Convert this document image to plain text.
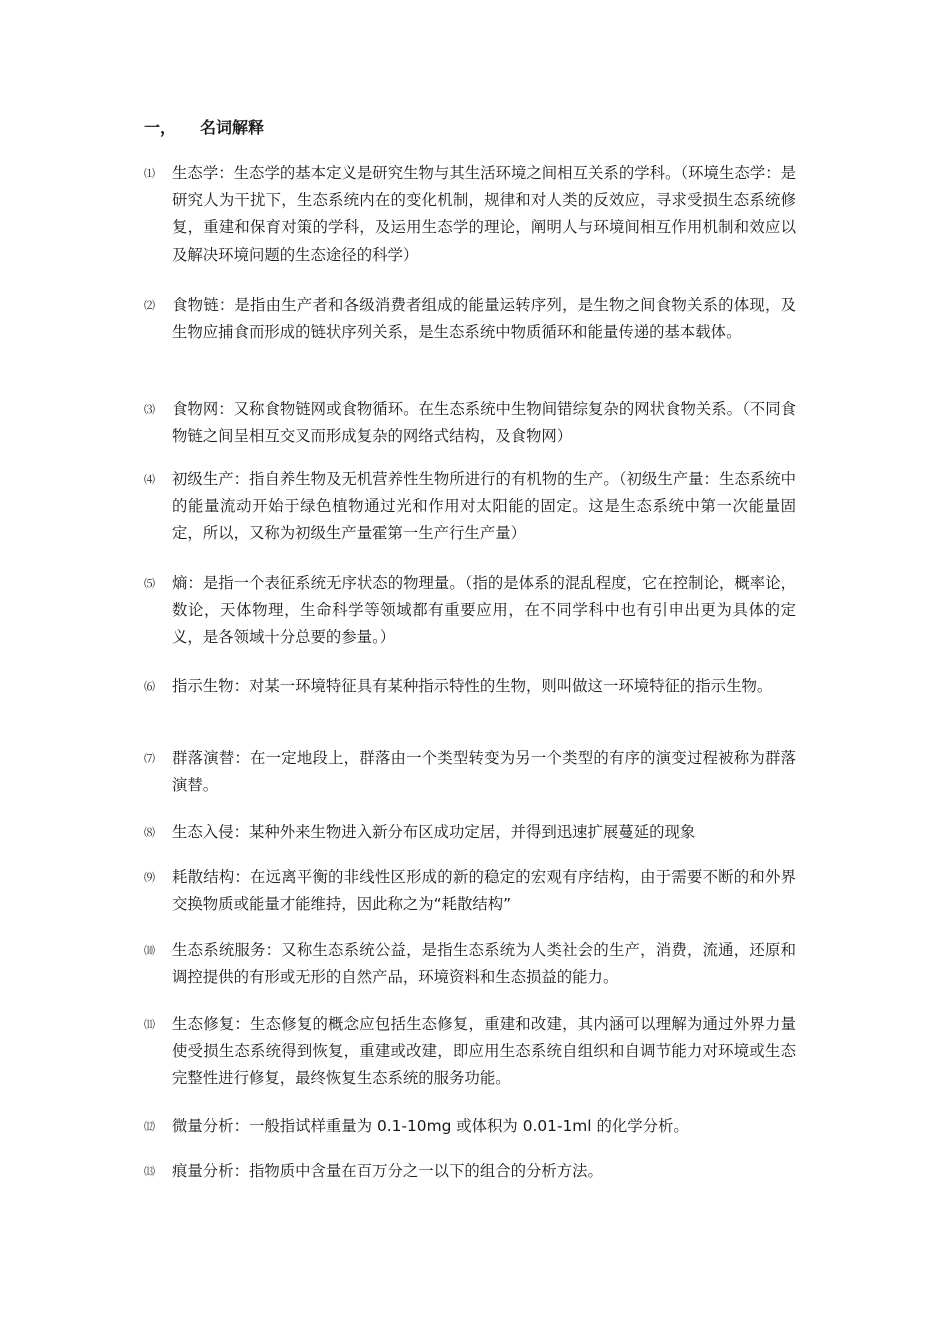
一， 名词解释
⑴ 生态学：生态学的基本定义是研究生物与其生活环境之间相互关系的学科。（环境生态学：是研究人为干扰下，生态系统内在的变化机制，规律和对人类的反效应，寻求受损生态系统修复，重建和保育对策的学科，及运用生态学的理论，阐明人与环境间相互作用机制和效应以及解决环境问题的生态途径的科学）
⑵ 食物链：是指由生产者和各级消费者组成的能量运转序列，是生物之间食物关系的体现，及生物应捕食而形成的链状序列关系，是生态系统中物质循环和能量传递的基本载体。
⑶ 食物网：又称食物链网或食物循环。在生态系统中生物间错综复杂的网状食物关系。（不同食物链之间呈相互交叉而形成复杂的网络式结构，及食物网）
⑷ 初级生产：指自养生物及无机营养性生物所进行的有机物的生产。（初级生产量：生态系统中的能量流动开始于绿色植物通过光和作用对太阳能的固定。这是生态系统中第一次能量固定，所以，又称为初级生产量霍第一生产行生产量）
⑸ 熵：是指一个表征系统无序状态的物理量。（指的是体系的混乱程度，它在控制论，概率论，数论，天体物理，生命科学等领域都有重要应用，在不同学科中也有引申出更为具体的定义，是各领域十分总要的参量。）
⑹ 指示生物：对某一环境特征具有某种指示特性的生物，则叫做这一环境特征的指示生物。
⑺ 群落演替：在一定地段上，群落由一个类型转变为另一个类型的有序的演变过程被称为群落演替。
⑻ 生态入侵：某种外来生物进入新分布区成功定居，并得到迅速扩展蔓延的现象
⑼ 耗散结构：在远离平衡的非线性区形成的新的稳定的宏观有序结构，由于需要不断的和外界交换物质或能量才能维持，因此称之为“耗散结构”
⑽ 生态系统服务：又称生态系统公益，是指生态系统为人类社会的生产，消费，流通，还原和调控提供的有形或无形的自然产品，环境资料和生态损益的能力。
⑾ 生态修复：生态修复的概念应包括生态修复，重建和改建，其内涵可以理解为通过外界力量使受损生态系统得到恢复，重建或改建，即应用生态系统自组织和自调节能力对环境或生态完整性进行修复，最终恢复生态系统的服务功能。
⑿ 微量分析：一般指试样重量为 0.1-10mg 或体积为 0.01-1ml 的化学分析。
⒀ 痕量分析：指物质中含量在百万分之一以下的组合的分析方法。
